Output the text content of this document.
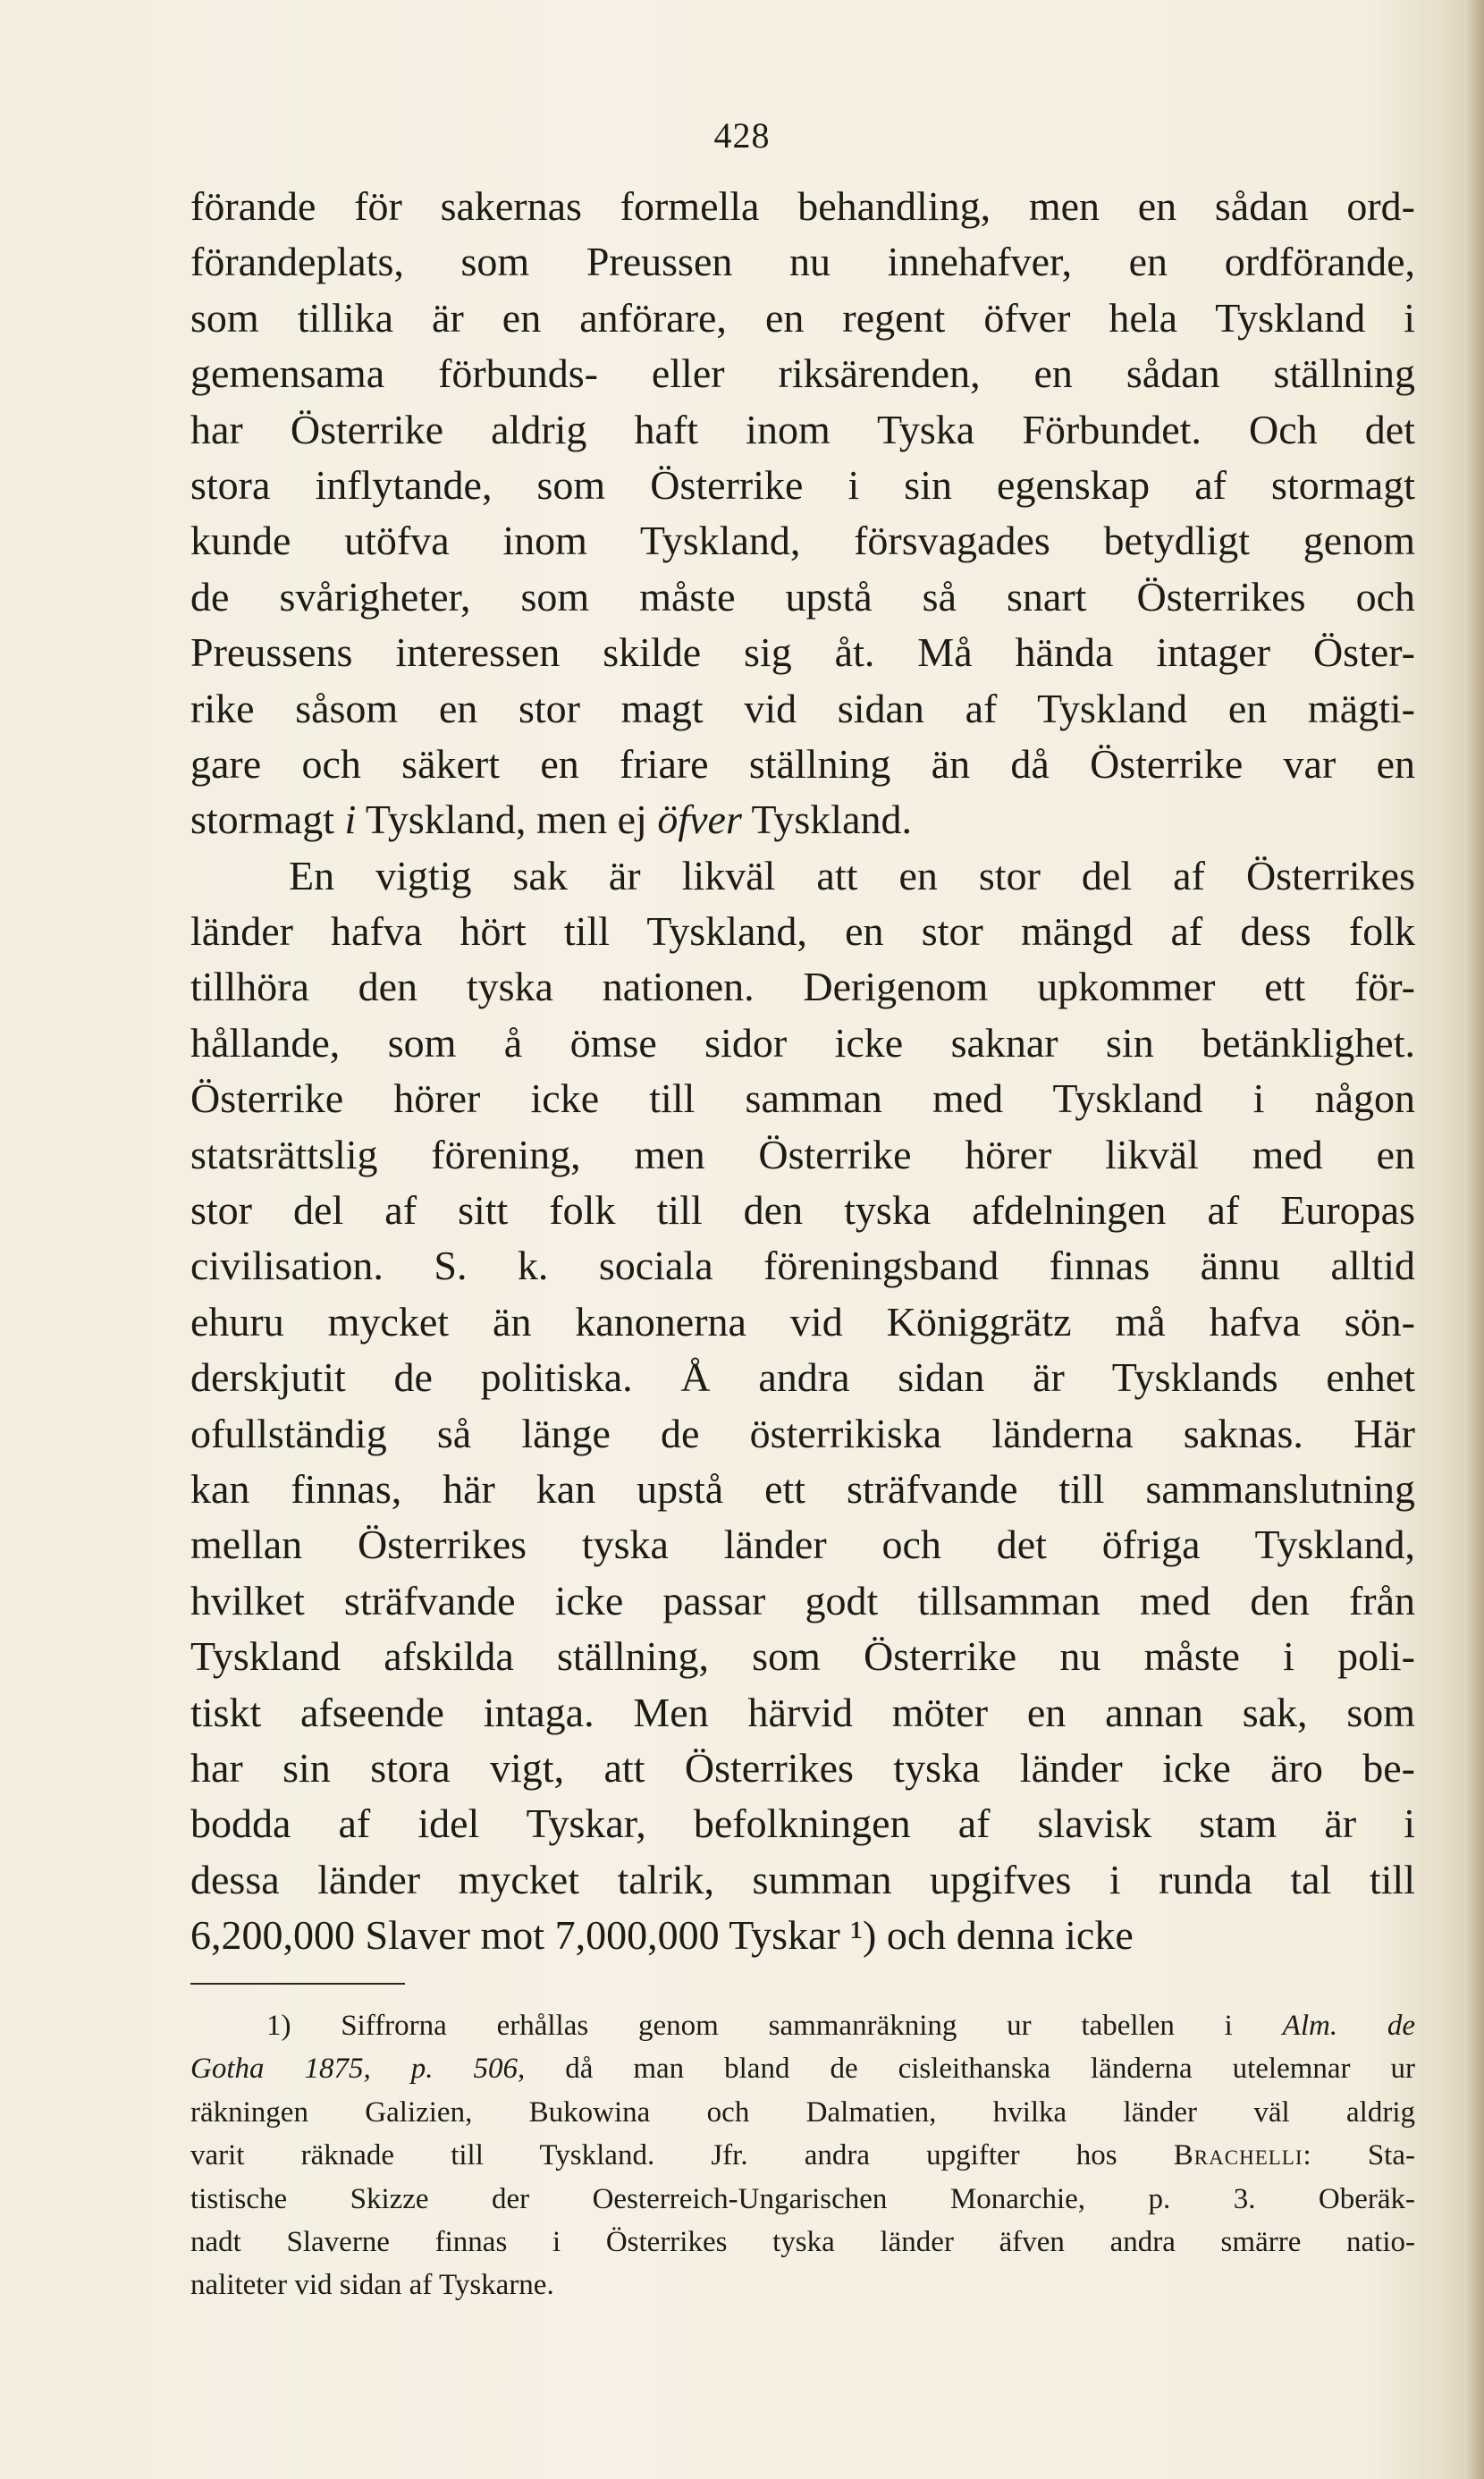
428
förande för sakernas formella behandling, men en sådan ord-
förandeplats, som Preussen nu innehafver, en ordförande,
som tillika är en anförare, en regent öfver hela Tyskland i
gemensama förbunds- eller riksärenden, en sådan ställning
har Österrike aldrig haft inom Tyska Förbundet. Och det
stora inflytande, som Österrike i sin egenskap af stormagt
kunde utöfva inom Tyskland, försvagades betydligt genom
de svårigheter, som måste upstå så snart Österrikes och
Preussens interessen skilde sig åt. Må hända intager Öster-
rike såsom en stor magt vid sidan af Tyskland en mägti-
gare och säkert en friare ställning än då Österrike var en
stormagt i Tyskland, men ej öfver Tyskland.
En vigtig sak är likväl att en stor del af Österrikes
länder hafva hört till Tyskland, en stor mängd af dess folk
tillhöra den tyska nationen. Derigenom upkommer ett för-
hållande, som å ömse sidor icke saknar sin betänklighet.
Österrike hörer icke till samman med Tyskland i någon
statsrättslig förening, men Österrike hörer likväl med en
stor del af sitt folk till den tyska afdelningen af Europas
civilisation. S. k. sociala föreningsband finnas ännu alltid
ehuru mycket än kanonerna vid Königgrätz må hafva sön-
derskjutit de politiska. Å andra sidan är Tysklands enhet
ofullständig så länge de österrikiska länderna saknas. Här
kan finnas, här kan upstå ett sträfvande till sammanslutning
mellan Österrikes tyska länder och det öfriga Tyskland,
hvilket sträfvande icke passar godt tillsamman med den från
Tyskland afskilda ställning, som Österrike nu måste i poli-
tiskt afseende intaga. Men härvid möter en annan sak, som
har sin stora vigt, att Österrikes tyska länder icke äro be-
bodda af idel Tyskar, befolkningen af slavisk stam är i
dessa länder mycket talrik, summan upgifves i runda tal till
6,200,000 Slaver mot 7,000,000 Tyskar ¹) och denna icke
1) Siffrorna erhållas genom sammanräkning ur tabellen i Alm. de
Gotha 1875, p. 506, då man bland de cisleithanska länderna utelemnar ur
räkningen Galizien, Bukowina och Dalmatien, hvilka länder väl aldrig
varit räknade till Tyskland. Jfr. andra upgifter hos Brachelli: Sta-
tistische Skizze der Oesterreich-Ungarischen Monarchie, p. 3. Oberäk-
nadt Slaverne finnas i Österrikes tyska länder äfven andra smärre natio-
naliteter vid sidan af Tyskarne.
